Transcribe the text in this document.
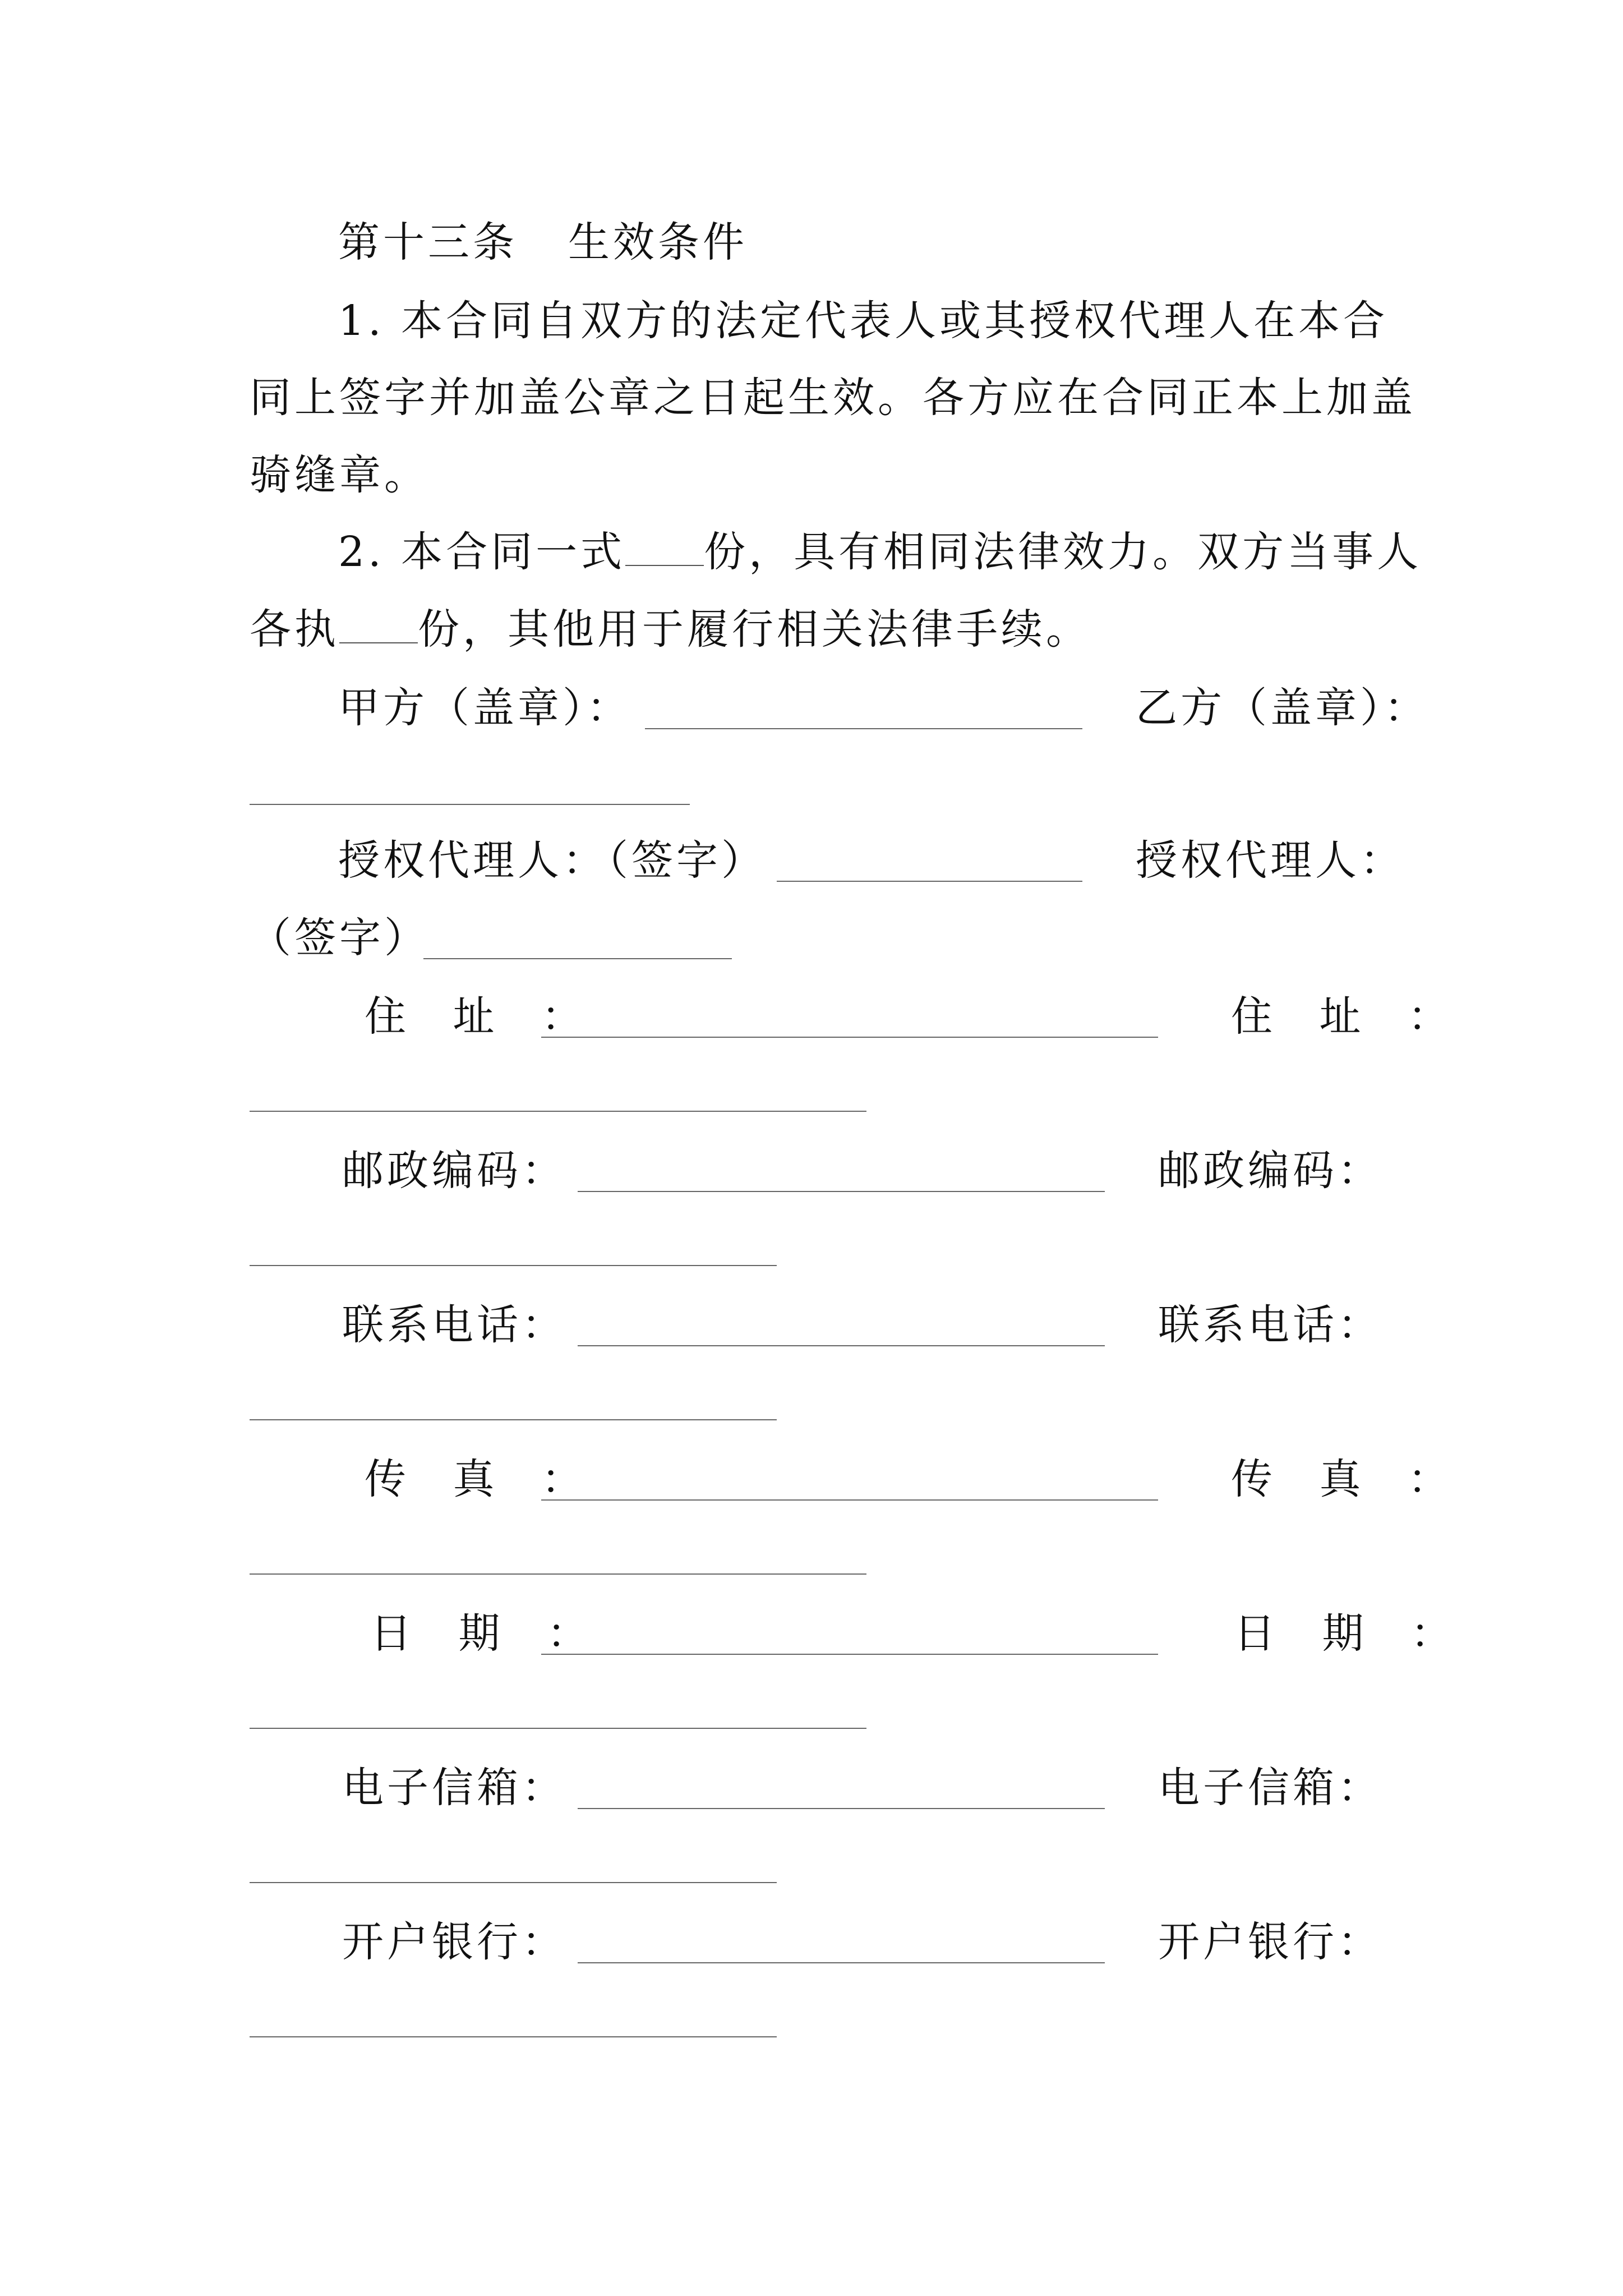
第十三条 生效条件
1. 本合同自双方的法定代表人或其授权代理人在本合
同上签字并加盖公章之日起生效。各方应在合同正本上加盖
骑缝章。
2. 本合同一式 份，具有相同法律效力。双方当事人
各执 份，其他用于履行相关法律手续。
甲方（盖章）：	乙方（盖章）：
授权代理人：（签字）	授权代理人：
（签字）
住 址 ：	住 址 ：
邮政编码：	邮政编码：
联系电话：	联系电话：
传 真 ：	传 真 ：
日 期 ：	日 期 ：
电子信箱：	电子信箱：
开户银行：	开户银行：
